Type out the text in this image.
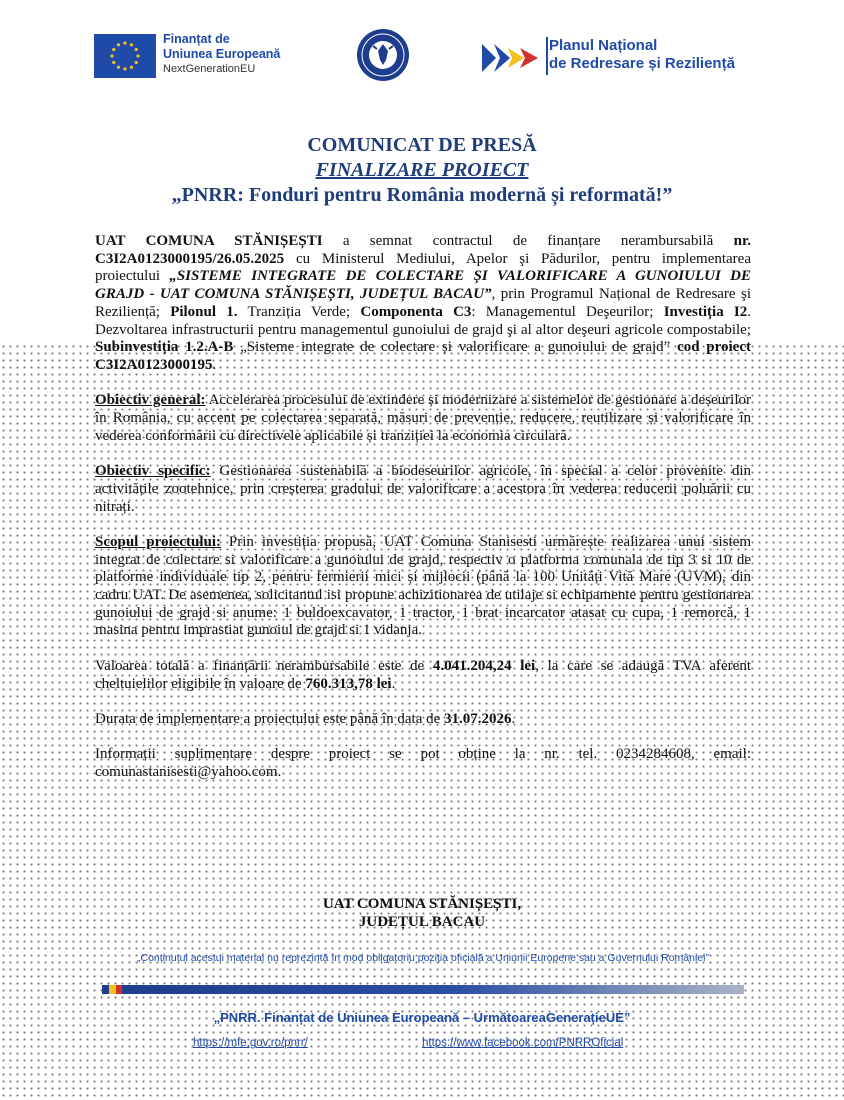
Finanțat de
Uniunea Europeană
NextGenerationEU
Planul Național
de Redresare și Reziliență
COMUNICAT DE PRESĂ
FINALIZARE PROIECT
„PNRR: Fonduri pentru România modernă și reformată!”

UAT COMUNA STĂNIȘEȘTI a semnat contractul de finanțare nerambursabilă nr. C3I2A0123000195/26.05.2025 cu Ministerul Mediului, Apelor şi Pădurilor, pentru implementarea proiectului „SISTEME INTEGRATE DE COLECTARE ȘI VALORIFICARE A GUNOIULUI DE GRAJD - UAT COMUNA STĂNIȘEȘTI, JUDEȚUL BACAU”, prin Programul Național de Redresare şi Reziliență; Pilonul 1. Tranziția Verde; Componenta C3: Managementul Deşeurilor; Investiția I2. Dezvoltarea infrastructurii pentru managementul gunoiului de grajd şi al altor deşeuri agricole compostabile; Subinvestiția 1.2.A-B „Sisteme integrate de colectare și valorificare a gunoiului de grajd” cod proiect C3I2A0123000195.

Obiectiv general: Accelerarea procesului de extindere și modernizare a sistemelor de gestionare a deșeurilor în România, cu accent pe colectarea separată, măsuri de prevenție, reducere, reutilizare și valorificare în vederea conformării cu directivele aplicabile și tranziției la economia circulară.

Obiectiv specific: Gestionarea sustenabilă a biodeseurilor agricole, în special a celor provenite din activitățile zootehnice, prin creșterea gradului de valorificare a acestora în vederea reducerii poluării cu nitrați.

Scopul proiectului: Prin investiția propusă, UAT Comuna Stanisesti urmărește realizarea unui sistem integrat de colectare si valorificare a gunoiului de grajd, respectiv o platforma comunala de tip 3 si 10 de platforme individuale tip 2, pentru fermierii mici și mijlocii (până la 100 Unități Vită Mare (UVM), din cadru UAT. De asemenea, solicitantul isi propune achizitionarea de utilaje si echipamente pentru gestionarea gunoiului de grajd si anume: 1 buldoexcavator, 1 tractor, 1 brat incarcator atasat cu cupa, 1 remorcă, 1 masina pentru imprastiat gunoiul de grajd si 1 vidanja.

Valoarea totală a finanțării nerambursabile este de 4.041.204,24 lei, la care se adaugă TVA aferent cheltuielilor eligibile în valoare de 760.313,78 lei.

Durata de implementare a proiectului este până în data de 31.07.2026.

Informații suplimentare despre proiect se pot obține la nr. tel. 0234284608, email: comunastanisesti@yahoo.com.

UAT COMUNA STĂNIȘEȘTI,
JUDEȚUL BACAU
„Conținutul acestui material nu reprezintă în mod obligatoriu poziția oficială a Uniunii Europene sau a Guvernului României”
„PNRR. Finanțat de Uniunea Europeană – UrmătoareaGenerațieUE”
https://mfe.gov.ro/pnrr/	https://www.facebook.com/PNRROficial
